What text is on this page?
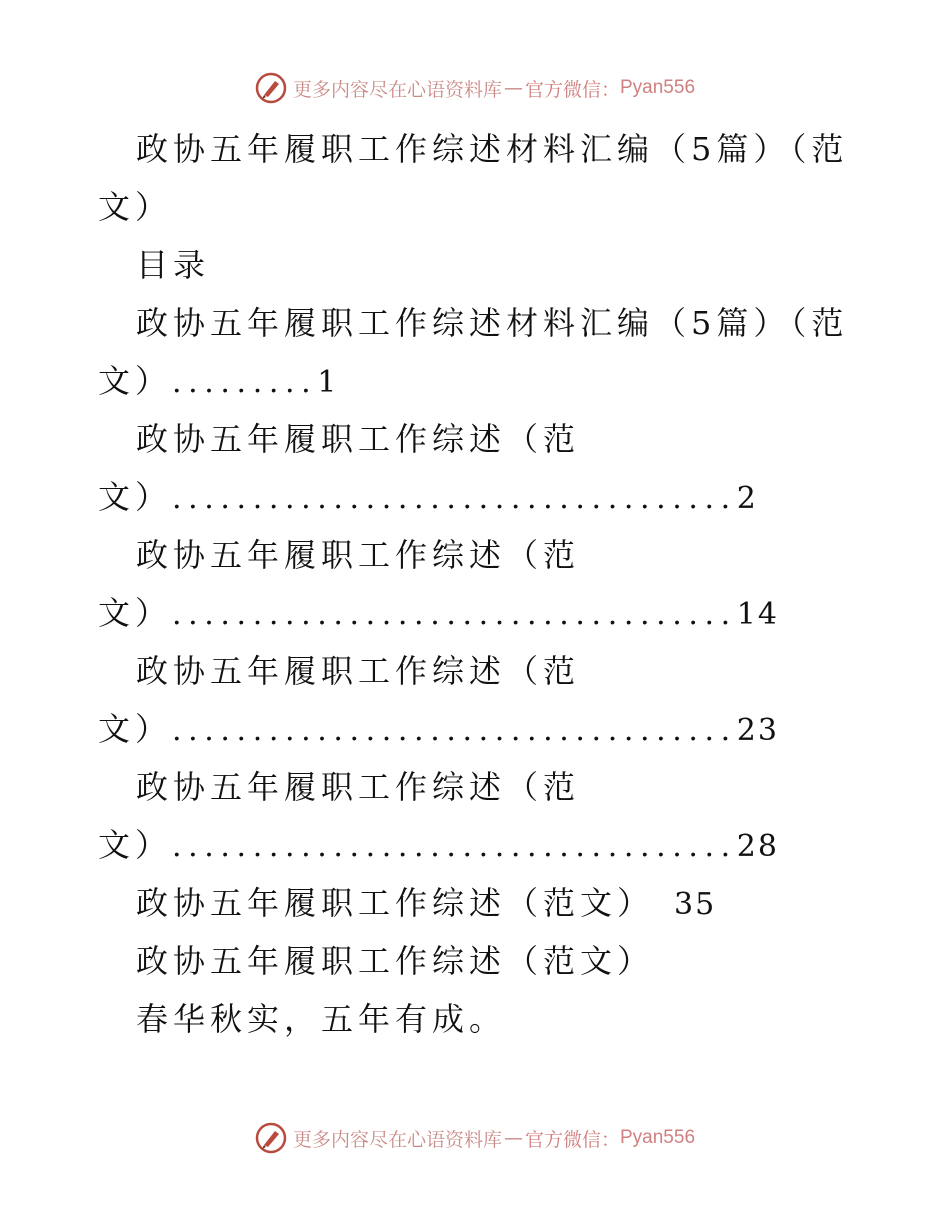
更多内容尽在心语资料库 — 官方微信： Pyan556
政协五年履职工作综述材料汇编（5篇）（范
文）
目录
政协五年履职工作综述材料汇编（5篇）（范
文）.........1
政协五年履职工作综述（范
文）...................................2
政协五年履职工作综述（范
文）...................................14
政协五年履职工作综述（范
文）...................................23
政协五年履职工作综述（范
文）...................................28
政协五年履职工作综述（范文） 35
政协五年履职工作综述（范文）
春华秋实，五年有成。
更多内容尽在心语资料库 — 官方微信： Pyan556
